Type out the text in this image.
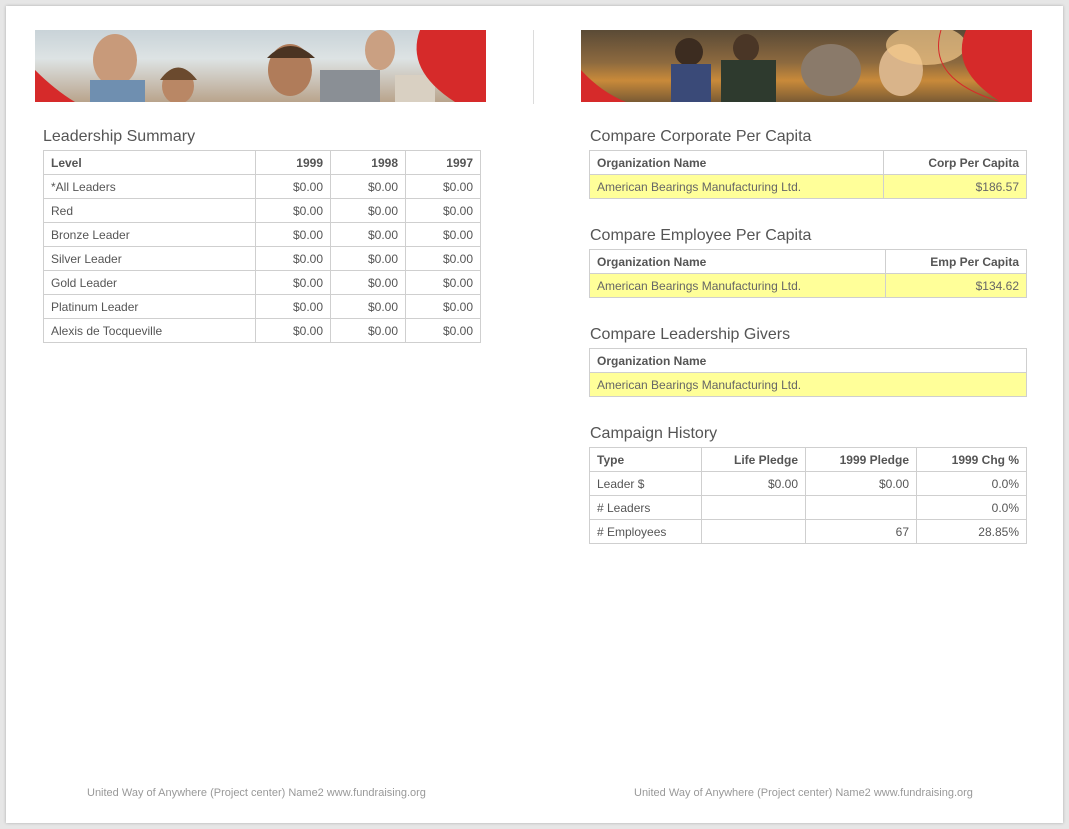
Leadership Summary
Level	1999	1998	1997
*All Leaders	$0.00	$0.00	$0.00
Red	$0.00	$0.00	$0.00
Bronze Leader	$0.00	$0.00	$0.00
Silver Leader	$0.00	$0.00	$0.00
Gold Leader	$0.00	$0.00	$0.00
Platinum Leader	$0.00	$0.00	$0.00
Alexis de Tocqueville	$0.00	$0.00	$0.00
Compare Corporate Per Capita
Organization Name	Corp Per Capita
American Bearings Manufacturing Ltd.	$186.57
Compare Employee Per Capita
Organization Name	Emp Per Capita
American Bearings Manufacturing Ltd.	$134.62
Compare Leadership Givers
Organization Name
American Bearings Manufacturing Ltd.
Campaign History
Type	Life Pledge	1999 Pledge	1999 Chg %
Leader $	$0.00	$0.00	0.0%
# Leaders			0.0%
# Employees		67	28.85%
United Way of Anywhere (Project center) Name2 www.fundraising.org	United Way of Anywhere (Project center) Name2 www.fundraising.org
